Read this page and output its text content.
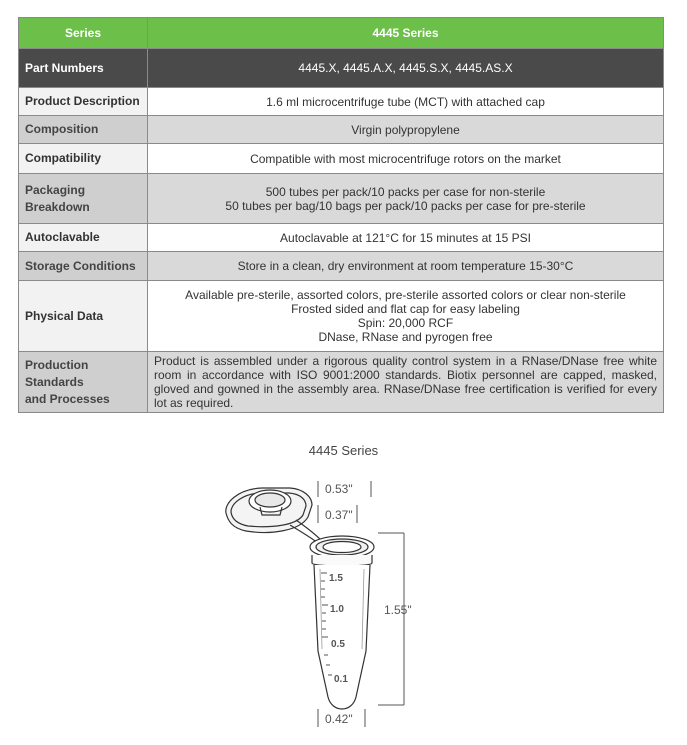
Series	4445 Series
Part Numbers	4445.X, 4445.A.X, 4445.S.X, 4445.AS.X
Product Description	1.6 ml microcentrifuge tube (MCT) with attached cap
Composition	Virgin polypropylene
Compatibility	Compatible with most microcentrifuge rotors on the market

Packaging
Breakdown	500 tubes per pack/10 packs per case for non-sterile
50 tubes per bag/10 bags per pack/10 packs per case for pre-sterile

Autoclavable	Autoclavable at 121°C for 15 minutes at 15 PSI
Storage Conditions	Store in a clean, dry environment at room temperature 15-30°C
Physical Data	Available pre-sterile, assorted colors, pre-sterile assorted colors or clear non-sterile
Frosted sided and flat cap for easy labeling
Spin: 20,000 RCF
DNase, RNase and pyrogen free

Production Standards
and Processes	Product is assembled under a rigorous quality control system in a RNase/DNase free white room in accordance with ISO 9001:2000 standards. Biotix personnel are capped, masked, gloved and gowned in the assembly area. RNase/DNase free certification is verified for every lot as required.
4445 Series
1.5
1.0
0.5
0.1
0.53"
0.37"
1.55"
0.42"
